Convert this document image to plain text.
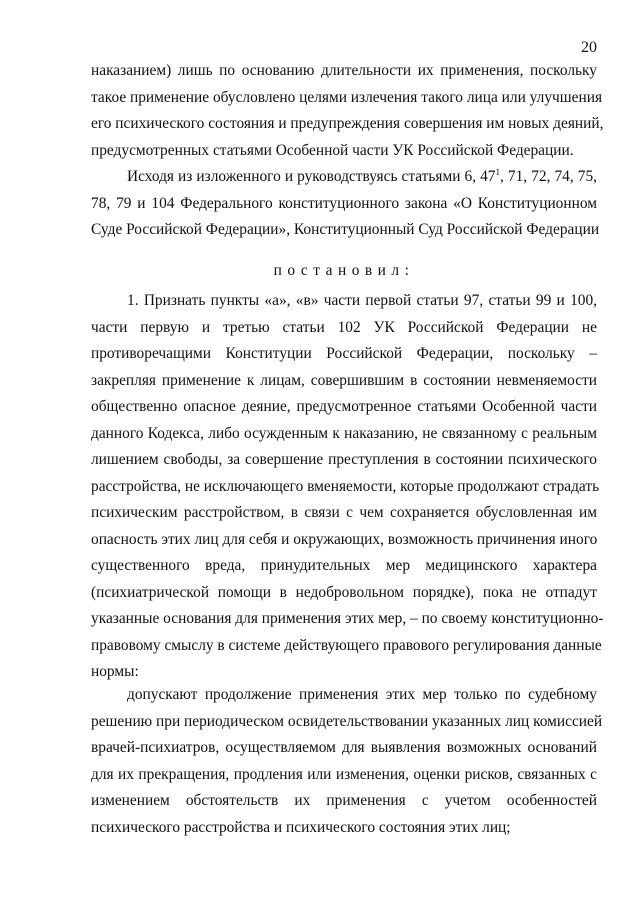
20
наказанием) лишь по основанию длительности их применения, поскольку
такое применение обусловлено целями излечения такого лица или улучшения
его психического состояния и предупреждения совершения им новых деяний,
предусмотренных статьями Особенной части УК Российской Федерации.
Исходя из изложенного и руководствуясь статьями 6, $47^1$, 71, 72, 74, 75,
78, 79 и 104 Федерального конституционного закона «О Конституционном
Суде Российской Федерации», Конституционный Суд Российской Федерации
постановил:
1. Признать пункты «а», «в» части первой статьи 97, статьи 99 и 100,
части первую и третью статьи 102 УК Российской Федерации не
противоречащими Конституции Российской Федерации, поскольку –
закрепляя применение к лицам, совершившим в состоянии невменяемости
общественно опасное деяние, предусмотренное статьями Особенной части
данного Кодекса, либо осужденным к наказанию, не связанному с реальным
лишением свободы, за совершение преступления в состоянии психического
расстройства, не исключающего вменяемости, которые продолжают страдать
психическим расстройством, в связи с чем сохраняется обусловленная им
опасность этих лиц для себя и окружающих, возможность причинения иного
существенного вреда, принудительных мер медицинского характера
(психиатрической помощи в недобровольном порядке), пока не отпадут
указанные основания для применения этих мер, – по своему конституционно-
правовому смыслу в системе действующего правового регулирования данные
нормы:
допускают продолжение применения этих мер только по судебному
решению при периодическом освидетельствовании указанных лиц комиссией
врачей-психиатров, осуществляемом для выявления возможных оснований
для их прекращения, продления или изменения, оценки рисков, связанных с
изменением обстоятельств их применения с учетом особенностей
психического расстройства и психического состояния этих лиц;
